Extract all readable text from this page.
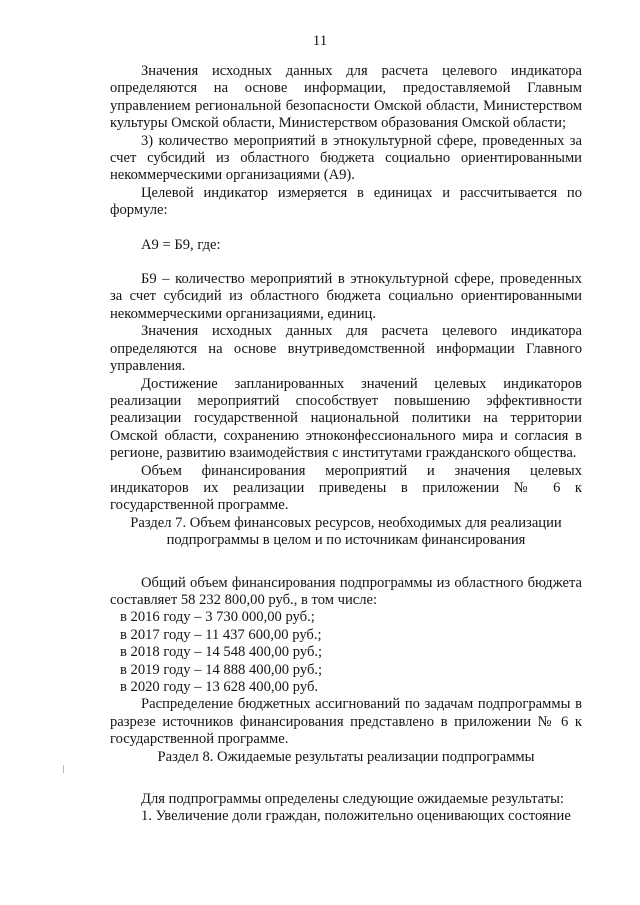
11

Значения исходных данных для расчета целевого индикатора определяются на основе информации, предоставляемой Главным управлением региональной безопасности Омской области, Министерством культуры Омской области, Министерством образования Омской области;

3) количество мероприятий в этнокультурной сфере, проведенных за счет субсидий из областного бюджета социально ориентированными некоммерческими организациями (А9).

Целевой индикатор измеряется в единицах и рассчитывается по формуле:

А9 = Б9, где:

Б9 – количество мероприятий в этнокультурной сфере, проведенных за счет субсидий из областного бюджета социально ориентированными некоммерческими организациями, единиц.

Значения исходных данных для расчета целевого индикатора определяются на основе внутриведомственной информации Главного управления.

Достижение запланированных значений целевых индикаторов реализации мероприятий способствует повышению эффективности реализации государственной национальной политики на территории Омской области, сохранению этноконфессионального мира и согласия в регионе, развитию взаимодействия с институтами гражданского общества.

Объем финансирования мероприятий и значения целевых индикаторов их реализации приведены в приложении № 6 к государственной программе.

Раздел 7. Объем финансовых ресурсов, необходимых для реализации подпрограммы в целом и по источникам финансирования

Общий объем финансирования подпрограммы из областного бюджета составляет 58 232 800,00 руб., в том числе:

в 2016 году – 3 730 000,00 руб.;

в 2017 году – 11 437 600,00 руб.;

в 2018 году – 14 548 400,00 руб.;

в 2019 году – 14 888 400,00 руб.;

в 2020 году – 13 628 400,00 руб.

Распределение бюджетных ассигнований по задачам подпрограммы в разрезе источников финансирования представлено в приложении № 6 к государственной программе.

Раздел 8. Ожидаемые результаты реализации подпрограммы

Для подпрограммы определены следующие ожидаемые результаты:

1. Увеличение доли граждан, положительно оценивающих состояние
